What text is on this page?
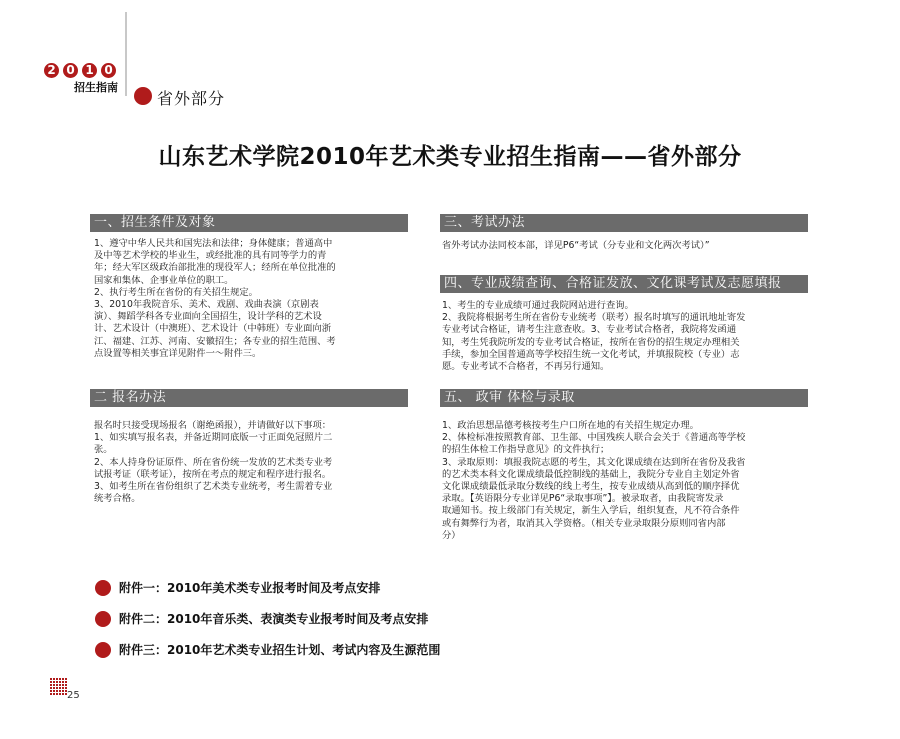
2 0 1 0
招生指南
省外部分
山东艺术学院2010年艺术类专业招生指南——省外部分
一、招生条件及对象

1、遵守中华人民共和国宪法和法律；身体健康；普通高中

及中等艺术学校的毕业生，或经批准的具有同等学力的青

年；经大军区级政治部批准的现役军人；经所在单位批准的

国家和集体、企事业单位的职工。

2、执行考生所在省份的有关招生规定。

3、2010年我院音乐、美术、戏剧、戏曲表演（京剧表

演）、舞蹈学科各专业面向全国招生，设计学科的艺术设

计、艺术设计（中澳班）、艺术设计（中韩班）专业面向浙

江、福建、江苏、河南、安徽招生；各专业的招生范围、考

点设置等相关事宜详见附件一～附件三。

二 报名办法

报名时只接受现场报名（谢绝函报），并请做好以下事项：

1、如实填写报名表，并备近期同底版一寸正面免冠照片二

张。

2、本人持身份证原件、所在省份统一发放的艺术类专业考

试报考证（联考证），按所在考点的规定和程序进行报名。

3、如考生所在省份组织了艺术类专业统考，考生需着专业

统考合格。

三、考试办法

省外考试办法同校本部，详见P6“考试（分专业和文化两次考试）”

四、专业成绩查询、合格证发放、文化课考试及志愿填报

1、考生的专业成绩可通过我院网站进行查询。

2、我院将根据考生所在省份专业统考（联考）报名时填写的通讯地址寄发

专业考试合格证，请考生注意查收。3、专业考试合格者，我院将发函通

知，考生凭我院所发的专业考试合格证，按所在省份的招生规定办理相关

手续，参加全国普通高等学校招生统一文化考试，并填报院校（专业）志

愿。专业考试不合格者，不再另行通知。

五、 政审 体检与录取

1、政治思想品德考核按考生户口所在地的有关招生规定办理。

2、体检标准按照教育部、卫生部、中国残疾人联合会关于《普通高等学校

的招生体检工作指导意见》的文件执行；

3、录取原则：填报我院志愿的考生，其文化课成绩在达到所在省份及我省

的艺术类本科文化课成绩最低控制线的基础上，我院分专业自主划定外省

文化课成绩最低录取分数线的线上考生，按专业成绩从高到低的顺序择优

录取。【英语限分专业详见P6“录取事项”】。被录取者，由我院寄发录

取通知书。按上级部门有关规定，新生入学后，组织复查，凡不符合条件

或有舞弊行为者，取消其入学资格。（相关专业录取限分原则同省内部

分）

附件一：2010年美术类专业报考时间及考点安排
附件二：2010年音乐类、表演类专业报考时间及考点安排
附件三：2010年艺术类专业招生计划、考试内容及生源范围
25
